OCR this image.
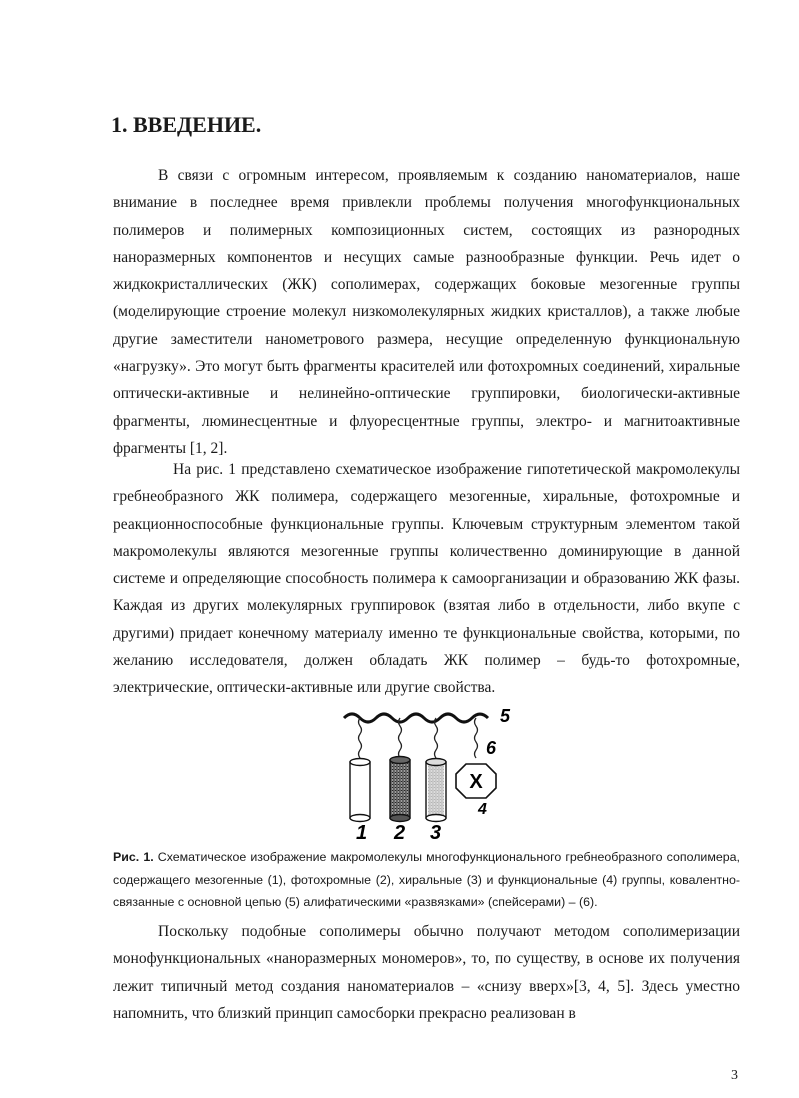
1. ВВЕДЕНИЕ.

В связи с огромным интересом, проявляемым к созданию наноматериалов, наше внимание в последнее время привлекли проблемы получения многофункциональных полимеров и полимерных композиционных систем, состоящих из разнородных наноразмерных компонентов и несущих самые разнообразные функции. Речь идет о жидкокристаллических (ЖК) сополимерах, содержащих боковые мезогенные группы (моделирующие строение молекул низкомолекулярных жидких кристаллов), а также любые другие заместители нанометрового размера, несущие определенную функциональную «нагрузку». Это могут быть фрагменты красителей или фотохромных соединений, хиральные оптически-активные и нелинейно-оптические группировки, биологически-активные фрагменты, люминесцентные и флуоресцентные группы, электро- и магнитоактивные фрагменты [1, 2].

На рис. 1 представлено схематическое изображение гипотетической макромолекулы гребнеобразного ЖК полимера, содержащего мезогенные, хиральные, фотохромные и реакционноспособные функциональные группы. Ключевым структурным элементом такой макромолекулы являются мезогенные группы количественно доминирующие в данной системе и определяющие способность полимера к самоорганизации и образованию ЖК фазы. Каждая из других молекулярных группировок (взятая либо в отдельности, либо вкупе с другими) придает конечному материалу именно те функциональные свойства, которыми, по желанию исследователя, должен обладать ЖК полимер – будь-то фотохромные, электрические, оптически-активные или другие свойства.

X
5
6
4
1 2 3

Рис. 1. Схематическое изображение макромолекулы многофункционального гребнеобразного сополимера, содержащего мезогенные (1), фотохромные (2), хиральные (3) и функциональные (4) группы, ковалентно-связанные с основной цепью (5) алифатическими «развязками» (спейсерами) – (6).

Поскольку подобные сополимеры обычно получают методом сополимеризации монофункциональных «наноразмерных мономеров», то, по существу, в основе их получения лежит типичный метод создания наноматериалов – «снизу вверх»[3, 4, 5]. Здесь уместно напомнить, что близкий принцип самосборки прекрасно реализован в

3
